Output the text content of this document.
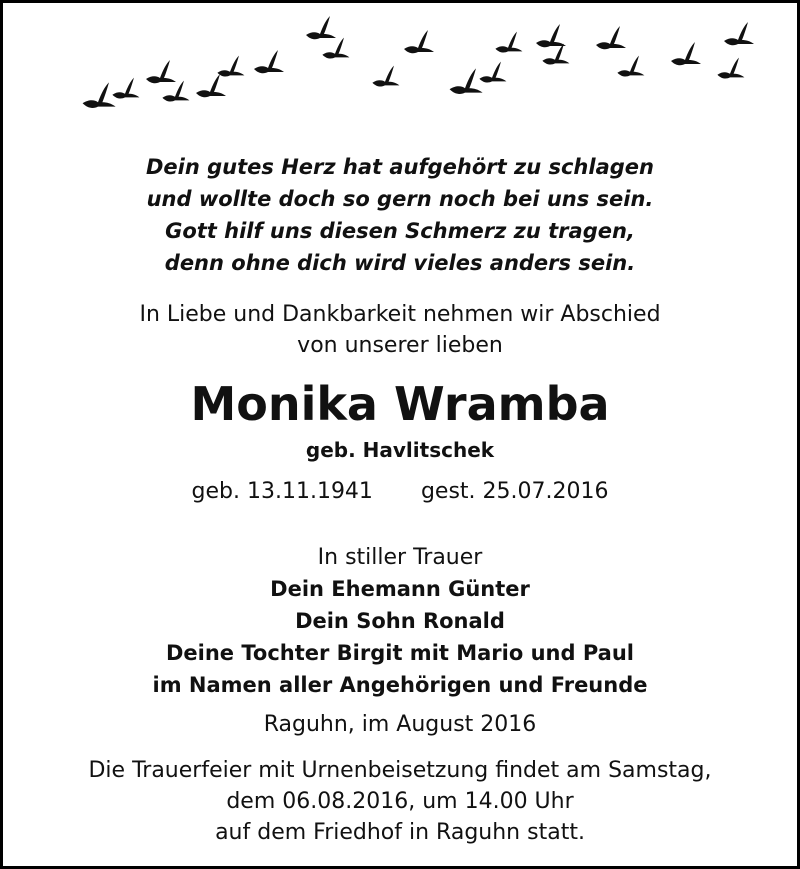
Dein gutes Herz hat aufgehört zu schlagen
und wollte doch so gern noch bei uns sein.
Gott hilf uns diesen Schmerz zu tragen,
denn ohne dich wird vieles anders sein.
In Liebe und Dankbarkeit nehmen wir Abschied
von unserer lieben
Monika Wramba
geb. Havlitschek
geb. 13.11.1941 gest. 25.07.2016
In stiller Trauer
Dein Ehemann Günter
Dein Sohn Ronald
Deine Tochter Birgit mit Mario und Paul
im Namen aller Angehörigen und Freunde
Raguhn, im August 2016
Die Trauerfeier mit Urnenbeisetzung findet am Samstag,
dem 06.08.2016, um 14.00 Uhr
auf dem Friedhof in Raguhn statt.
